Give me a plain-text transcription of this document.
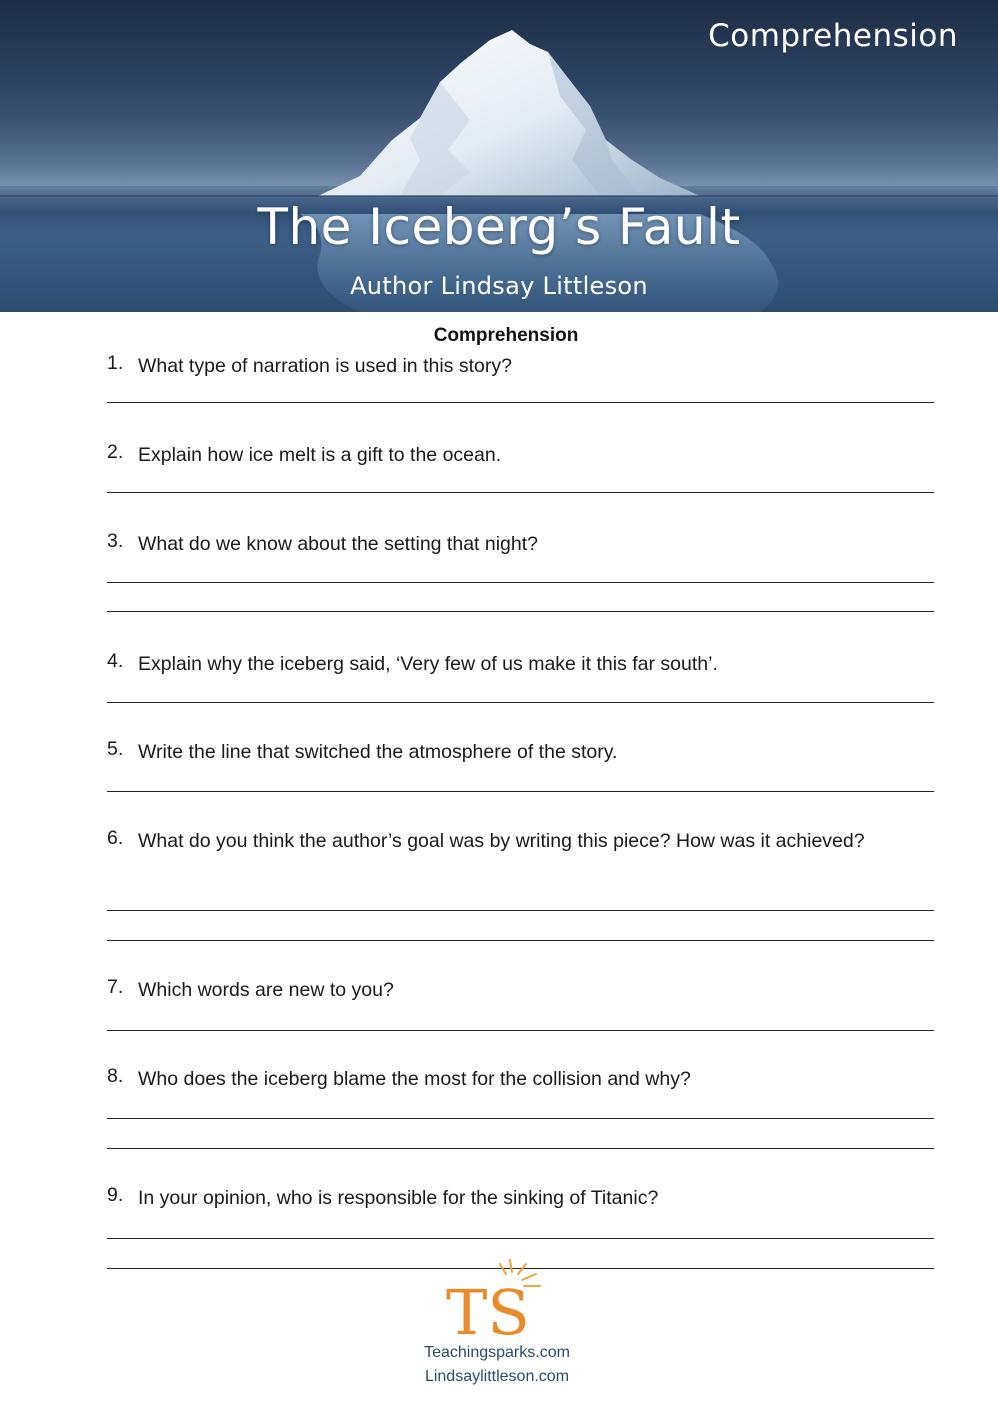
Comprehension
The Iceberg’s Fault
Author Lindsay Littleson
Comprehension
1. What type of narration is used in this story?
2. Explain how ice melt is a gift to the ocean.
3. What do we know about the setting that night?
4. Explain why the iceberg said, ‘Very few of us make it this far south’.
5. Write the line that switched the atmosphere of the story.
6. What do you think the author’s goal was by writing this piece? How was it achieved?
7. Which words are new to you?
8. Who does the iceberg blame the most for the collision and why?
9. In your opinion, who is responsible for the sinking of Titanic?
TS
Teachingsparks.com
Lindsaylittleson.com
